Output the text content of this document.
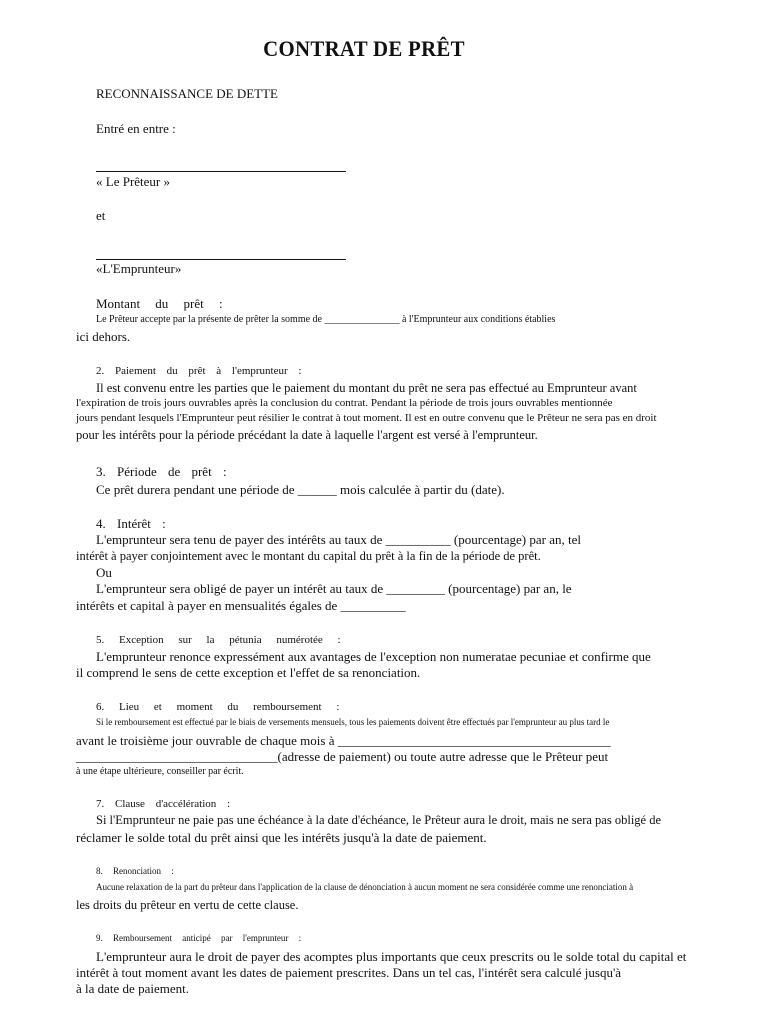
CONTRAT DE PRÊT
RECONNAISSANCE DE DETTE
Entré en entre :
« Le Prêteur »
et
«L'Emprunteur»
Montant du prêt :
Le Prêteur accepte par la présente de prêter la somme de _______________ à l'Emprunteur aux conditions établies
ici dehors.
2. Paiement du prêt à l'emprunteur :
Il est convenu entre les parties que le paiement du montant du prêt ne sera pas effectué au Emprunteur avant
l'expiration de trois jours ouvrables après la conclusion du contrat. Pendant la période de trois jours ouvrables mentionnée
jours pendant lesquels l'Emprunteur peut résilier le contrat à tout moment. Il est en outre convenu que le Prêteur ne sera pas en droit
pour les intérêts pour la période précédant la date à laquelle l'argent est versé à l'emprunteur.
3. Période de prêt :
Ce prêt durera pendant une période de ______ mois calculée à partir du (date).
4. Intérêt :
L'emprunteur sera tenu de payer des intérêts au taux de __________ (pourcentage) par an, tel
intérêt à payer conjointement avec le montant du capital du prêt à la fin de la période de prêt.
Ou
L'emprunteur sera obligé de payer un intérêt au taux de _________ (pourcentage) par an, le
intérêts et capital à payer en mensualités égales de __________
5. Exception sur la pétunia numérotée :
L'emprunteur renonce expressément aux avantages de l'exception non numeratae pecuniae et confirme que
il comprend le sens de cette exception et l'effet de sa renonciation.
6. Lieu et moment du remboursement :
Si le remboursement est effectué par le biais de versements mensuels, tous les paiements doivent être effectués par l'emprunteur au plus tard le
avant le troisième jour ouvrable de chaque mois à __________________________________________
_______________________________(adresse de paiement) ou toute autre adresse que le Prêteur peut
à une étape ultérieure, conseiller par écrit.
7. Clause d'accélération :
Si l'Emprunteur ne paie pas une échéance à la date d'échéance, le Prêteur aura le droit, mais ne sera pas obligé de
réclamer le solde total du prêt ainsi que les intérêts jusqu'à la date de paiement.
8. Renonciation :
Aucune relaxation de la part du prêteur dans l'application de la clause de dénonciation à aucun moment ne sera considérée comme une renonciation à
les droits du prêteur en vertu de cette clause.
9. Remboursement anticipé par l'emprunteur :
L'emprunteur aura le droit de payer des acomptes plus importants que ceux prescrits ou le solde total du capital et
intérêt à tout moment avant les dates de paiement prescrites. Dans un tel cas, l'intérêt sera calculé jusqu'à
à la date de paiement.
